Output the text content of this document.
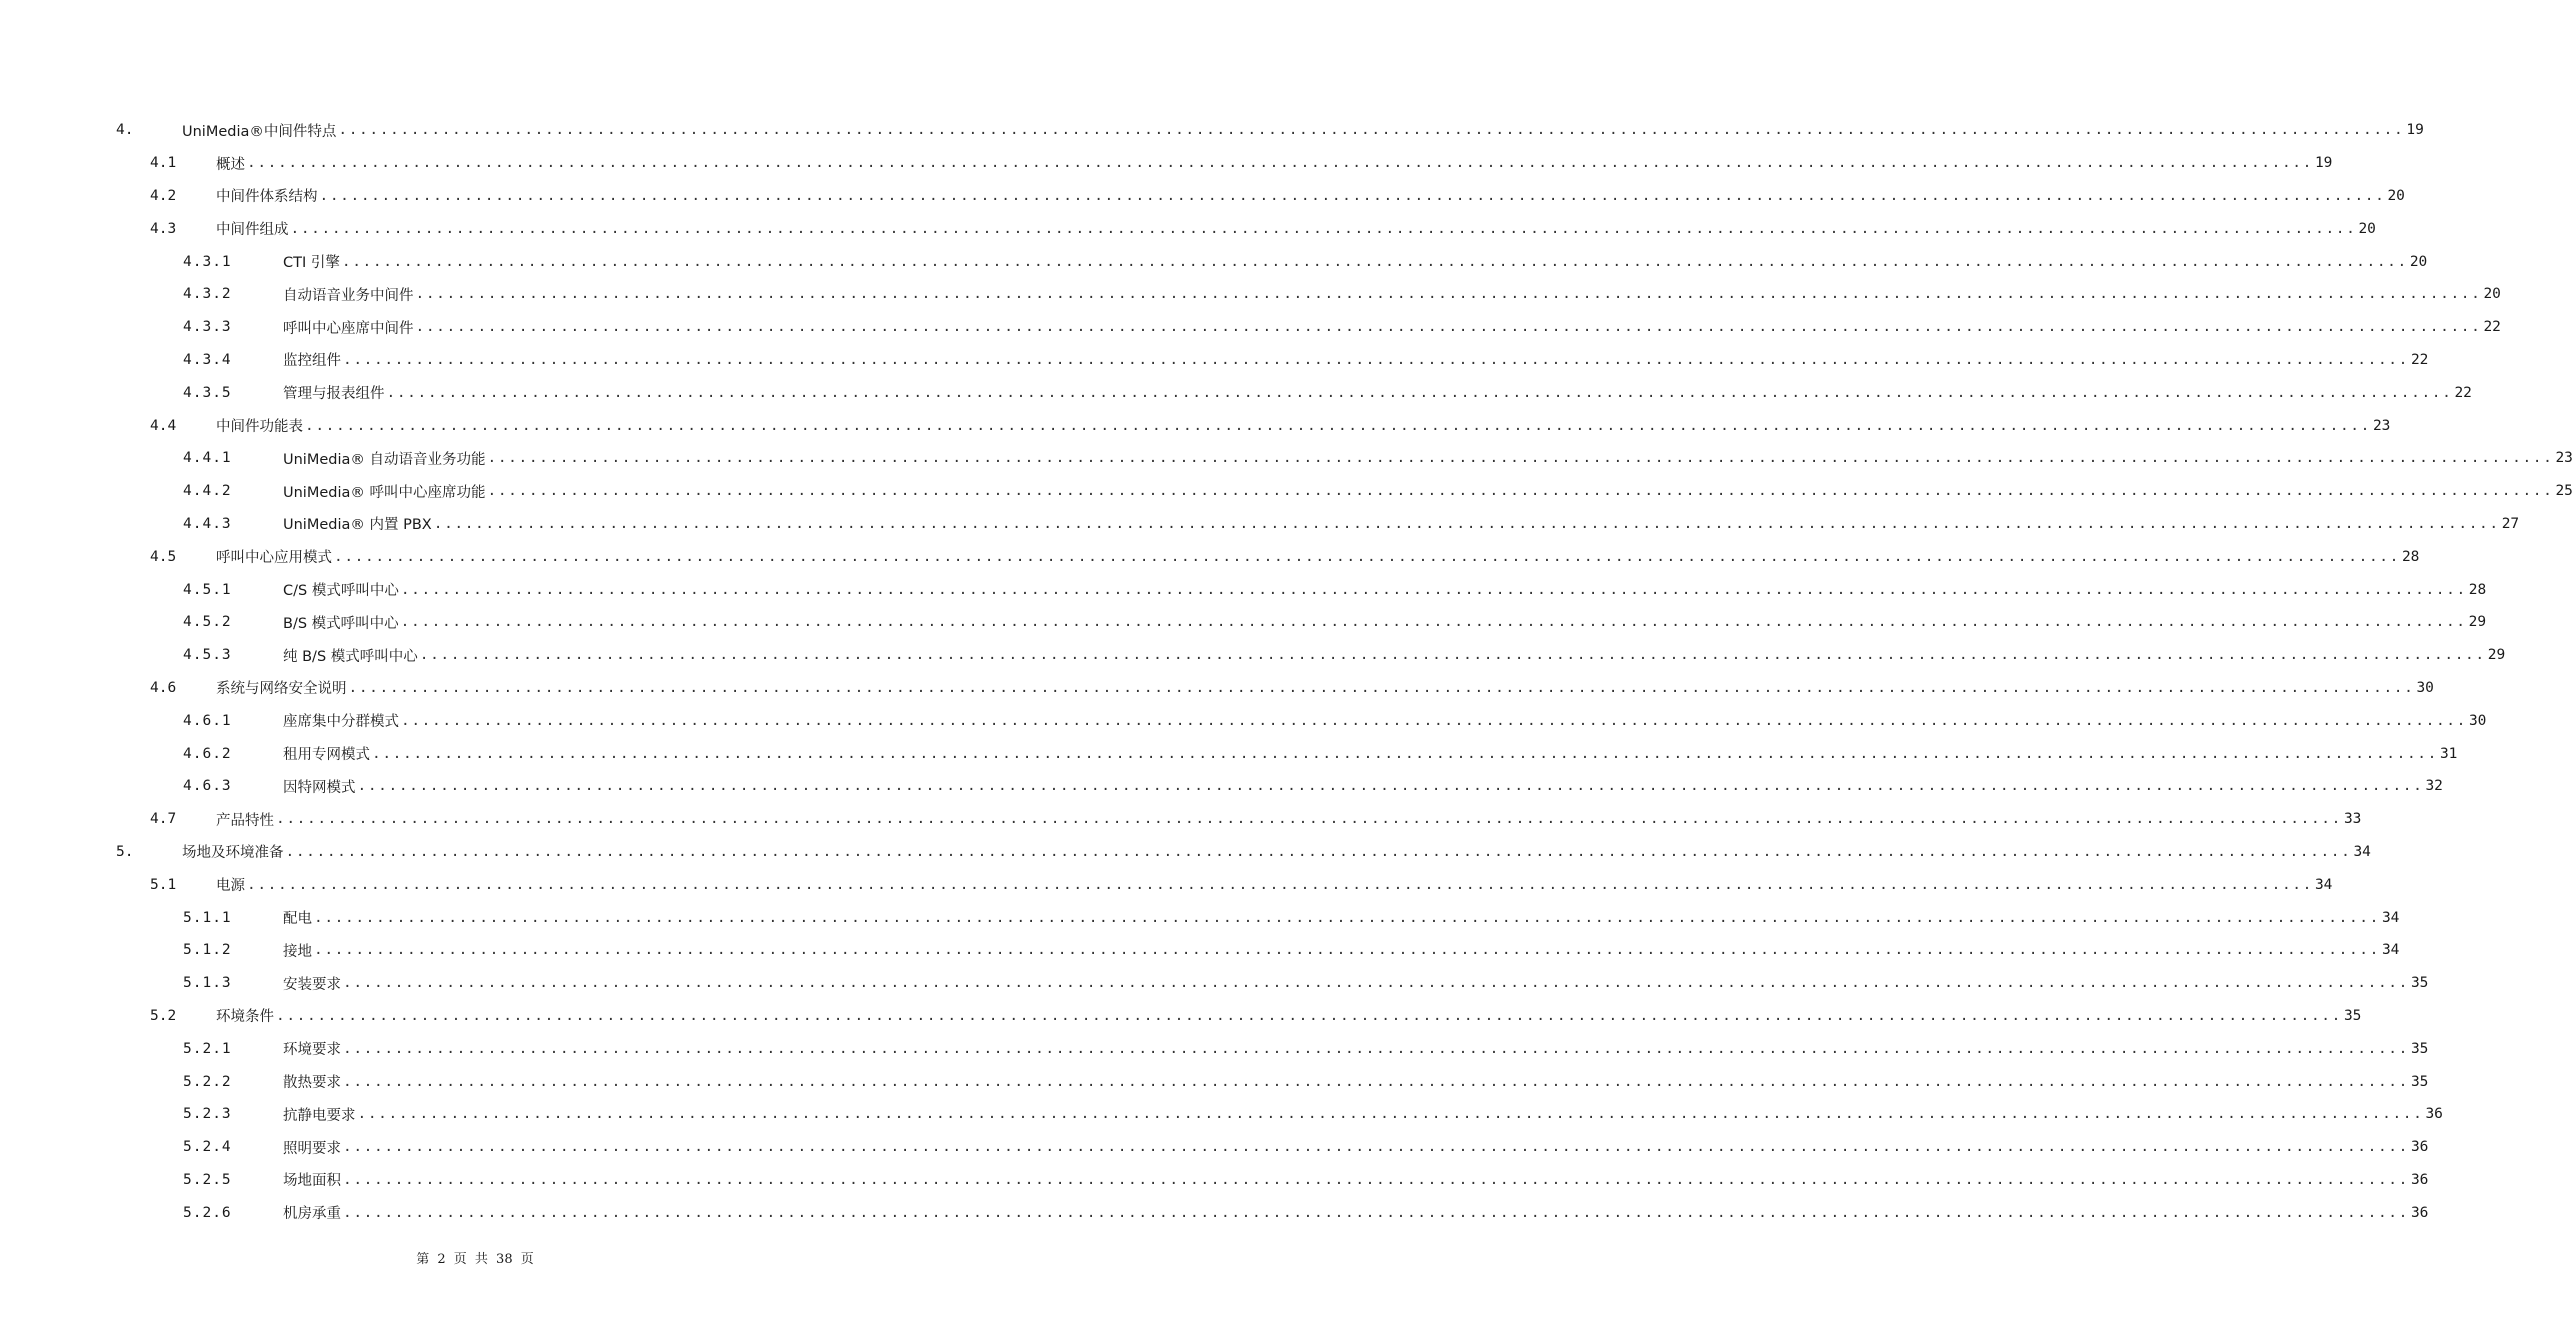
4.	UniMedia®中间件特点 ........................................................................................................................................................................................................ 19
4.1	概述 ........................................................................................................................................................................................................ 19
4.2	中间件体系结构 ........................................................................................................................................................................................................ 20
4.3	中间件组成 ........................................................................................................................................................................................................ 20
4.3.1	CTI 引擎 ........................................................................................................................................................................................................ 20
4.3.2	自动语音业务中间件 ........................................................................................................................................................................................................ 20
4.3.3	呼叫中心座席中间件 ........................................................................................................................................................................................................ 22
4.3.4	监控组件 ........................................................................................................................................................................................................ 22
4.3.5	管理与报表组件 ........................................................................................................................................................................................................ 22
4.4	中间件功能表 ........................................................................................................................................................................................................ 23
4.4.1	UniMedia® 自动语音业务功能 ........................................................................................................................................................................................................ 23
4.4.2	UniMedia® 呼叫中心座席功能 ........................................................................................................................................................................................................ 25
4.4.3	UniMedia® 内置 PBX ........................................................................................................................................................................................................ 27
4.5	呼叫中心应用模式 ........................................................................................................................................................................................................ 28
4.5.1	C/S 模式呼叫中心 ........................................................................................................................................................................................................ 28
4.5.2	B/S 模式呼叫中心 ........................................................................................................................................................................................................ 29
4.5.3	纯 B/S 模式呼叫中心 ........................................................................................................................................................................................................ 29
4.6	系统与网络安全说明 ........................................................................................................................................................................................................ 30
4.6.1	座席集中分群模式 ........................................................................................................................................................................................................ 30
4.6.2	租用专网模式 ........................................................................................................................................................................................................ 31
4.6.3	因特网模式 ........................................................................................................................................................................................................ 32
4.7	产品特性 ........................................................................................................................................................................................................ 33
5.	场地及环境准备 ........................................................................................................................................................................................................ 34
5.1	电源 ........................................................................................................................................................................................................ 34
5.1.1	配电 ........................................................................................................................................................................................................ 34
5.1.2	接地 ........................................................................................................................................................................................................ 34
5.1.3	安装要求 ........................................................................................................................................................................................................ 35
5.2	环境条件 ........................................................................................................................................................................................................ 35
5.2.1	环境要求 ........................................................................................................................................................................................................ 35
5.2.2	散热要求 ........................................................................................................................................................................................................ 35
5.2.3	抗静电要求 ........................................................................................................................................................................................................ 36
5.2.4	照明要求 ........................................................................................................................................................................................................ 36
5.2.5	场地面积 ........................................................................................................................................................................................................ 36
5.2.6	机房承重 ........................................................................................................................................................................................................ 36
第 2 页 共 38 页
